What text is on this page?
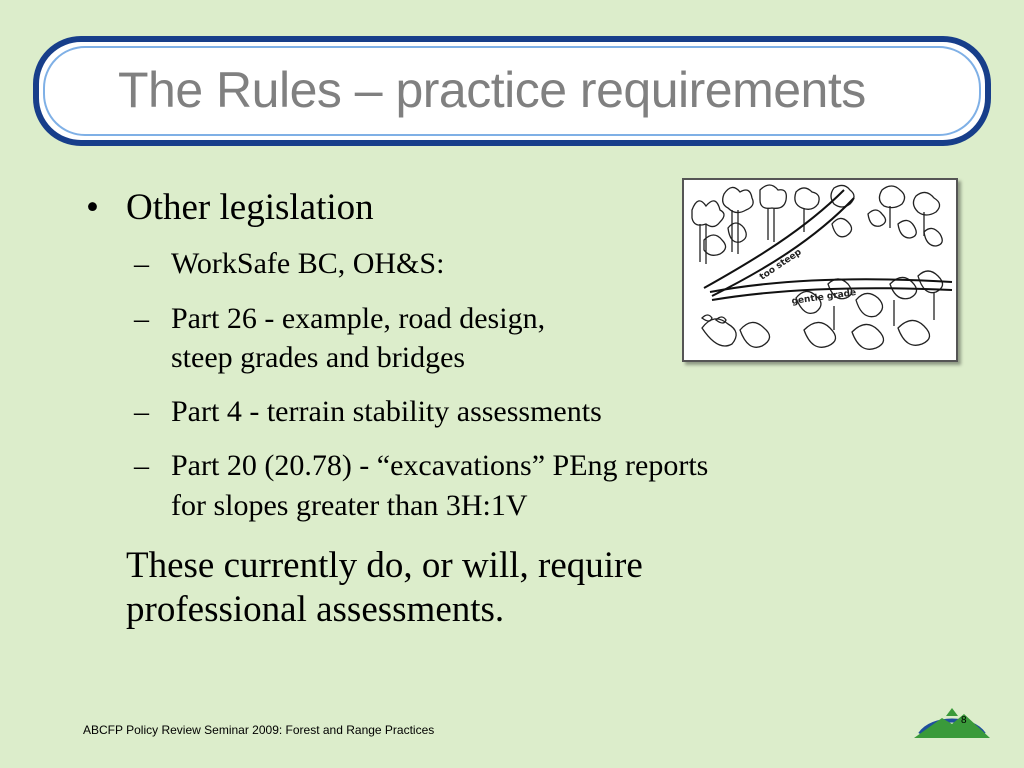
The Rules – practice requirements
• Other legislation
– WorkSafe BC, OH&S:
– Part 26 - example, road design,
steep grades and bridges
– Part 4 - terrain stability assessments
– Part 20 (20.78) - “excavations” PEng reports
for slopes greater than 3H:1V
These currently do, or will, require
professional assessments.
too steep
gentle grade
ABCFP Policy Review Seminar 2009: Forest and Range Practices
8
